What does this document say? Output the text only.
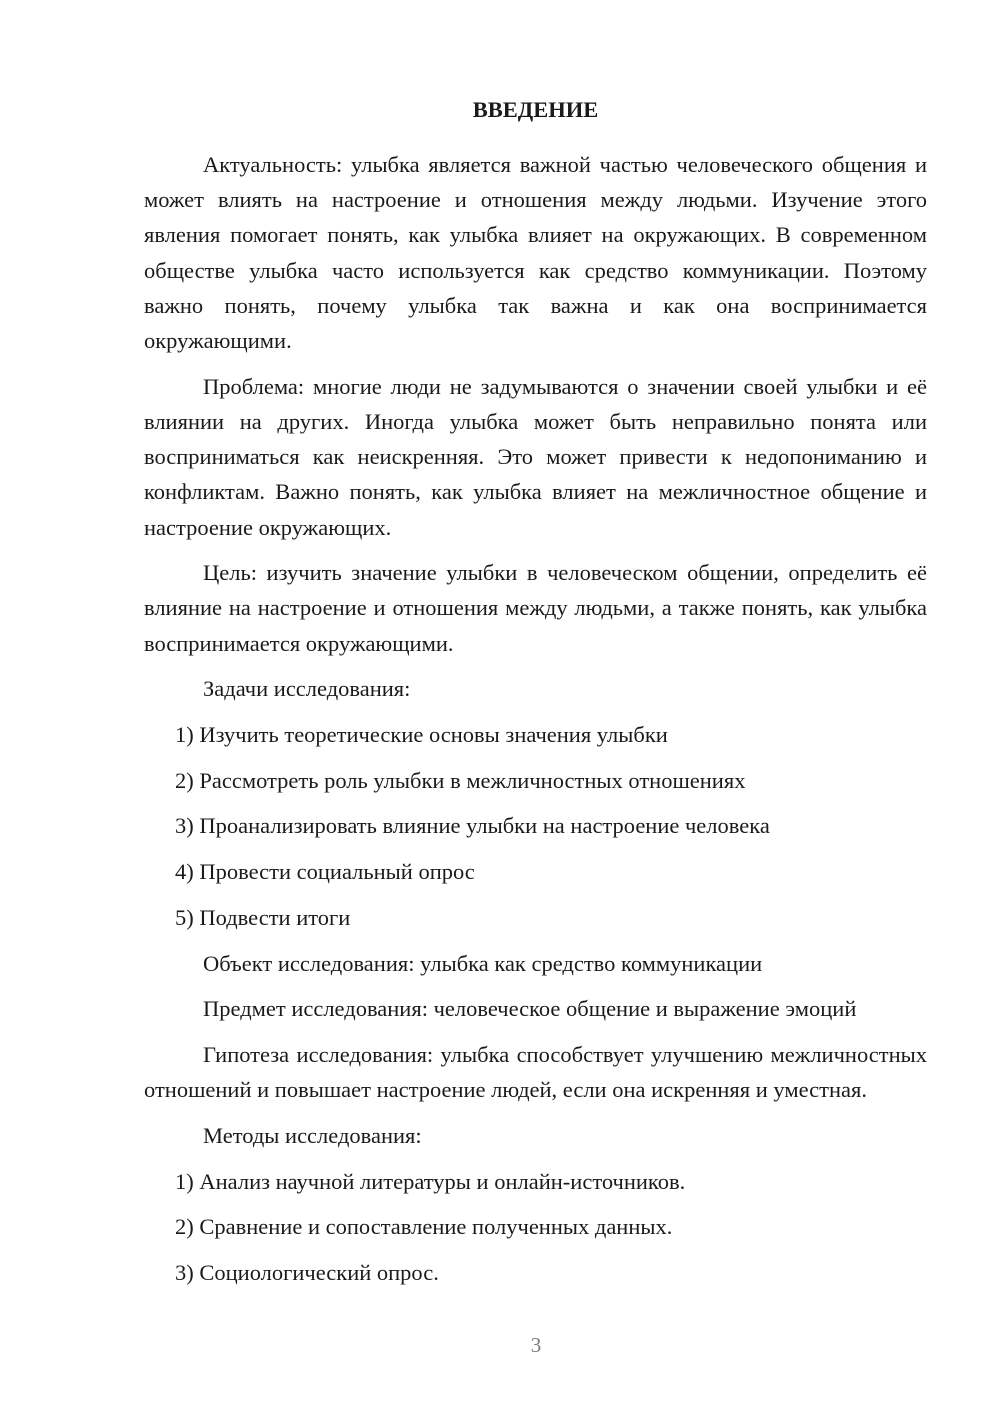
ВВЕДЕНИЕ
Актуальность: улыбка является важной частью человеческого общения и может влиять на настроение и отношения между людьми. Изучение этого явления помогает понять, как улыбка влияет на окружающих. В современном обществе улыбка часто используется как средство коммуникации. Поэтому важно понять, почему улыбка так важна и как она воспринимается окружающими.
Проблема: многие люди не задумываются о значении своей улыбки и её влиянии на других. Иногда улыбка может быть неправильно понята или восприниматься как неискренняя. Это может привести к недопониманию и конфликтам. Важно понять, как улыбка влияет на межличностное общение и настроение окружающих.
Цель: изучить значение улыбки в человеческом общении, определить её влияние на настроение и отношения между людьми, а также понять, как улыбка воспринимается окружающими.
Задачи исследования:
1) Изучить теоретические основы значения улыбки
2) Рассмотреть роль улыбки в межличностных отношениях
3) Проанализировать влияние улыбки на настроение человека
4) Провести социальный опрос
5) Подвести итоги
Объект исследования: улыбка как средство коммуникации
Предмет исследования: человеческое общение и выражение эмоций
Гипотеза исследования: улыбка способствует улучшению межличностных отношений и повышает настроение людей, если она искренняя и уместная.
Методы исследования:
1) Анализ научной литературы и онлайн-источников.
2) Сравнение и сопоставление полученных данных.
3) Социологический опрос.
3
